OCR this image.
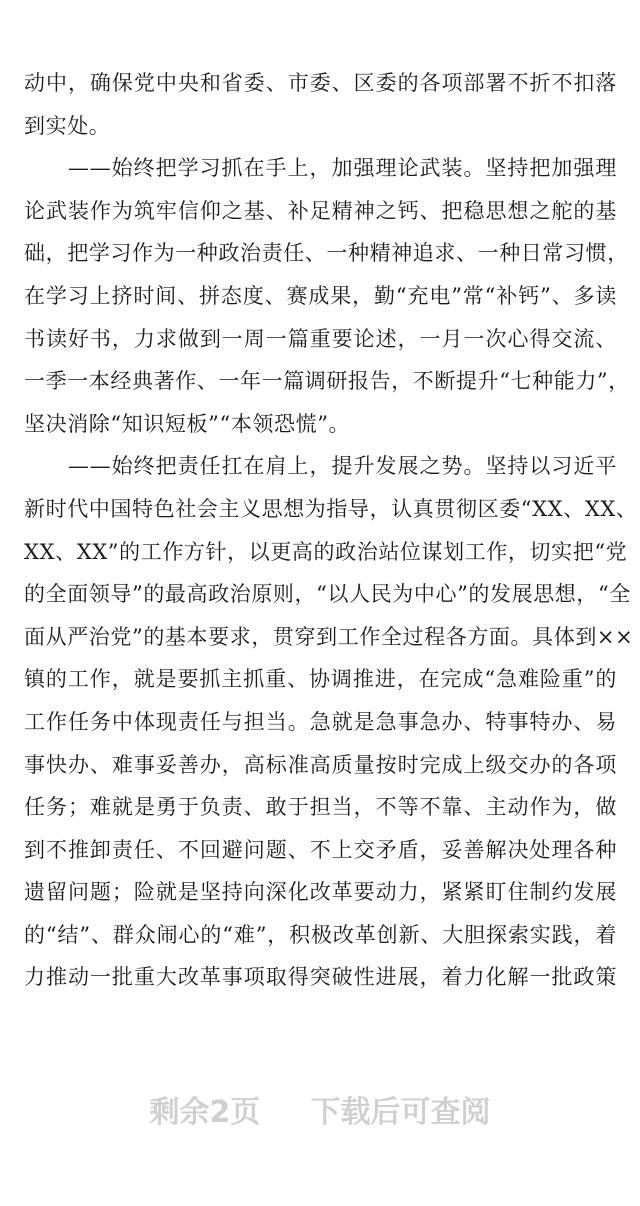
动中，确保党中央和省委、市委、区委的各项部署不折不扣落
到实处。
——始终把学习抓在手上，加强理论武装。坚持把加强理
论武装作为筑牢信仰之基、补足精神之钙、把稳思想之舵的基
础，把学习作为一种政治责任、一种精神追求、一种日常习惯，
在学习上挤时间、拼态度、赛成果，勤“充电”常“补钙”、多读
书读好书，力求做到一周一篇重要论述，一月一次心得交流、
一季一本经典著作、一年一篇调研报告，不断提升“七种能力”，
坚决消除“知识短板”“本领恐慌”。
——始终把责任扛在肩上，提升发展之势。坚持以习近平
新时代中国特色社会主义思想为指导，认真贯彻区委“XX、XX、
XX、XX”的工作方针，以更高的政治站位谋划工作，切实把“党
的全面领导”的最高政治原则，“以人民为中心”的发展思想，“全
面从严治党”的基本要求，贯穿到工作全过程各方面。具体到××
镇的工作，就是要抓主抓重、协调推进，在完成“急难险重”的
工作任务中体现责任与担当。急就是急事急办、特事特办、易
事快办、难事妥善办，高标准高质量按时完成上级交办的各项
任务；难就是勇于负责、敢于担当，不等不靠、主动作为，做
到不推卸责任、不回避问题、不上交矛盾，妥善解决处理各种
遗留问题；险就是坚持向深化改革要动力，紧紧盯住制约发展
的“结”、群众闹心的“难”，积极改革创新、大胆探索实践，着
力推动一批重大改革事项取得突破性进展，着力化解一批政策
剩余2页 下载后可查阅
